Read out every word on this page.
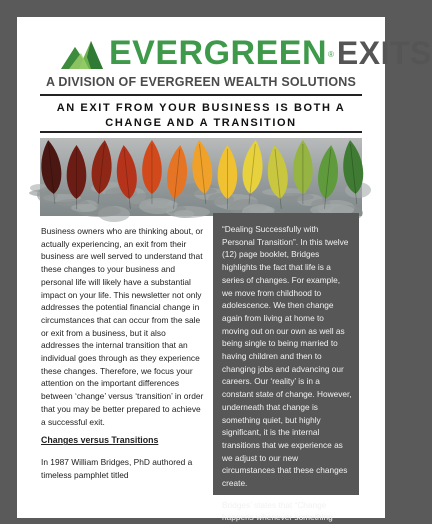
EVERGREEN ® EXITS
A DIVISION OF EVERGREEN WEALTH SOLUTIONS
AN EXIT FROM YOUR BUSINESS IS BOTH A CHANGE AND A TRANSITION

Business owners who are thinking about, or actually experiencing, an exit from their business are well served to understand that these changes to your business and personal life will likely have a substantial impact on your life. This newsletter not only addresses the potential financial change in circumstances that can occur from the sale or exit from a business, but it also addresses the internal transition that an individual goes through as they experience these changes. Therefore, we focus your attention on the important differences between ‘change’ versus ‘transition’ in order that you may be better prepared to achieve a successful exit.

Changes versus Transitions

In 1987 William Bridges, PhD authored a timeless pamphlet titled

“Dealing Successfully with Personal Transition”. In this twelve (12) page booklet, Bridges highlights the fact that life is a series of changes. For example, we move from childhood to adolescence. We then change again from living at home to moving out on our own as well as being single to being married to having children and then to changing jobs and advancing our careers. Our ‘reality’ is in a constant state of change. However, underneath that change is something quiet, but highly significant, it is the internal transitions that we experience as we adjust to our new circumstances that these changes create.

Bridges’ states that “Change happens whenever something
